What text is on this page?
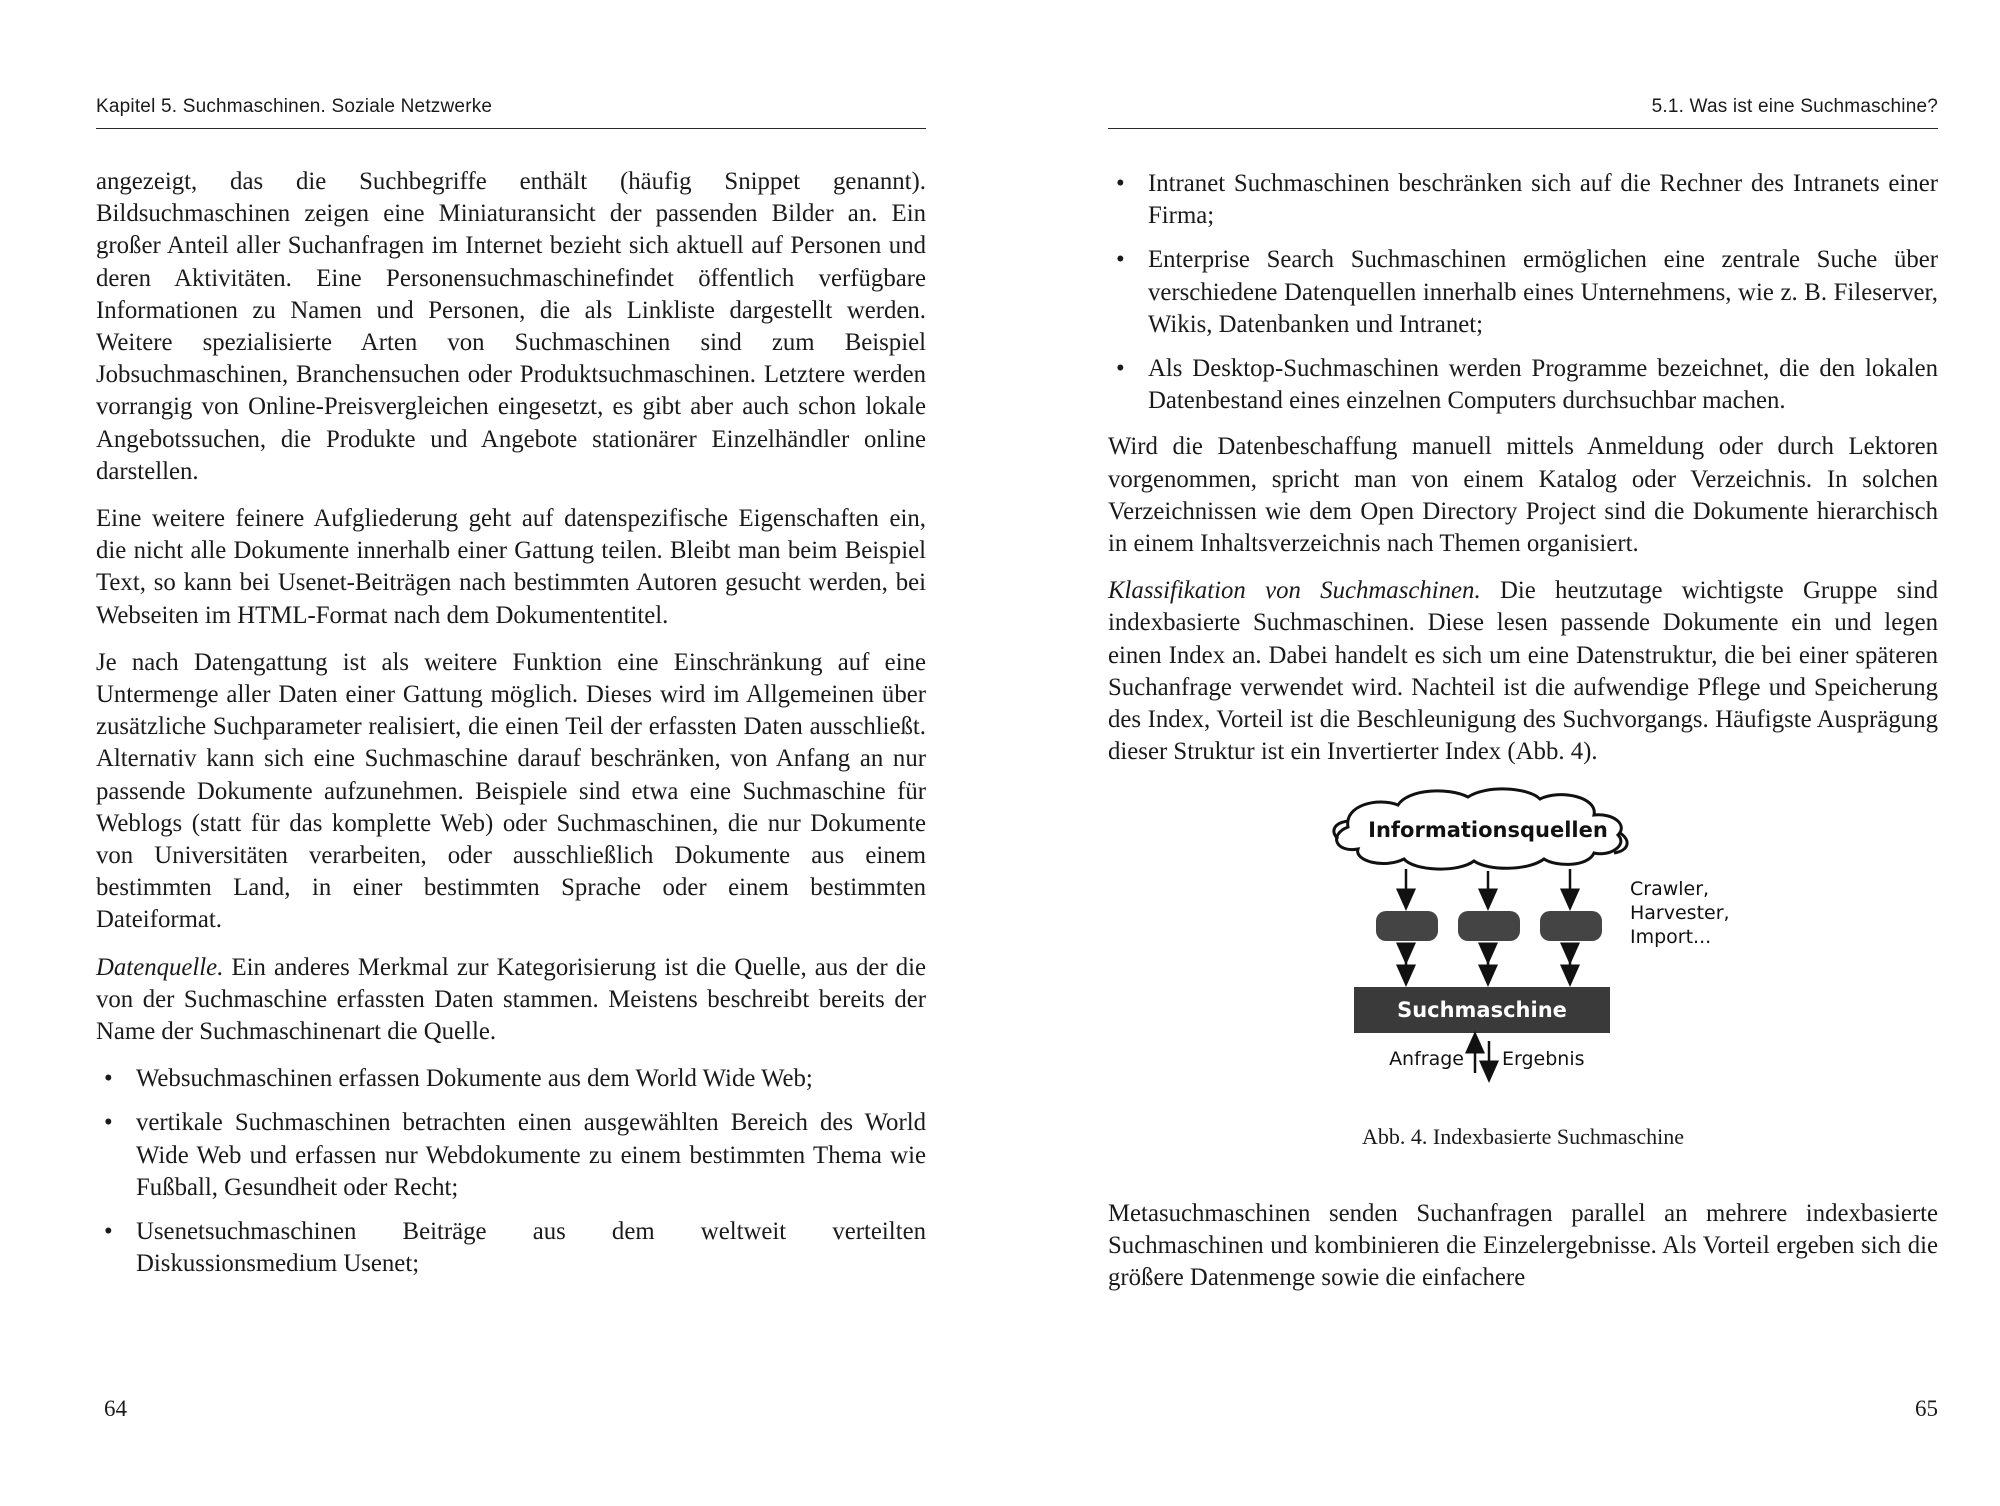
Kapitel 5. Suchmaschinen. Soziale Netzwerke

angezeigt, das die Suchbegriffe enthält (häufig Snippet genannt). Bildsuchmaschinen zeigen eine Miniaturansicht der passenden Bilder an. Ein großer Anteil aller Suchanfragen im Internet bezieht sich aktuell auf Personen und deren Aktivitäten. Eine Personensuchmaschinefindet öffentlich verfügbare Informationen zu Namen und Personen, die als Linkliste dargestellt werden. Weitere spezialisierte Arten von Suchmaschinen sind zum Beispiel Jobsuchmaschinen, Branchensuchen oder Produktsuchmaschinen. Letztere werden vorrangig von Online-Preisvergleichen eingesetzt, es gibt aber auch schon lokale Angebotssuchen, die Produkte und Angebote stationärer Einzelhändler online darstellen.

Eine weitere feinere Aufgliederung geht auf datenspezifische Eigenschaften ein, die nicht alle Dokumente innerhalb einer Gattung teilen. Bleibt man beim Beispiel Text, so kann bei Usenet-Beiträgen nach bestimmten Autoren gesucht werden, bei Webseiten im HTML-Format nach dem Dokumententitel.

Je nach Datengattung ist als weitere Funktion eine Einschränkung auf eine Untermenge aller Daten einer Gattung möglich. Dieses wird im Allgemeinen über zusätzliche Suchparameter realisiert, die einen Teil der erfassten Daten ausschließt. Alternativ kann sich eine Suchmaschine darauf beschränken, von Anfang an nur passende Dokumente aufzunehmen. Beispiele sind etwa eine Suchmaschine für Weblogs (statt für das komplette Web) oder Suchmaschinen, die nur Dokumente von Universitäten verarbeiten, oder ausschließlich Dokumente aus einem bestimmten Land, in einer bestimmten Sprache oder einem bestimmten Dateiformat.

Datenquelle. Ein anderes Merkmal zur Kategorisierung ist die Quelle, aus der die von der Suchmaschine erfassten Daten stammen. Meistens beschreibt bereits der Name der Suchmaschinenart die Quelle.

• Websuchmaschinen erfassen Dokumente aus dem World Wide Web;
• vertikale Suchmaschinen betrachten einen ausgewählten Bereich des World Wide Web und erfassen nur Webdokumente zu einem bestimmten Thema wie Fußball, Gesundheit oder Recht;
• Usenetsuchmaschinen Beiträge aus dem weltweit verteilten Diskussionsmedium Usenet;
64
5.1. Was ist eine Suchmaschine?
• Intranet Suchmaschinen beschränken sich auf die Rechner des Intranets einer Firma;
• Enterprise Search Suchmaschinen ermöglichen eine zentrale Suche über verschiedene Datenquellen innerhalb eines Unternehmens, wie z. B. Fileserver, Wikis, Datenbanken und Intranet;
• Als Desktop-Suchmaschinen werden Programme bezeichnet, die den lokalen Datenbestand eines einzelnen Computers durchsuchbar machen.

Wird die Datenbeschaffung manuell mittels Anmeldung oder durch Lektoren vorgenommen, spricht man von einem Katalog oder Verzeichnis. In solchen Verzeichnissen wie dem Open Directory Project sind die Dokumente hierarchisch in einem Inhaltsverzeichnis nach Themen organisiert.

Klassifikation von Suchmaschinen. Die heutzutage wichtigste Gruppe sind indexbasierte Suchmaschinen. Diese lesen passende Dokumente ein und legen einen Index an. Dabei handelt es sich um eine Datenstruktur, die bei einer späteren Suchanfrage verwendet wird. Nachteil ist die aufwendige Pflege und Speicherung des Index, Vorteil ist die Beschleunigung des Suchvorgangs. Häufigste Ausprägung dieser Struktur ist ein Invertierter Index (Abb. 4).

Informationsquellen
Crawler,
Harvester,
Import...
Suchmaschine
Anfrage Ergebnis
Abb. 4. Indexbasierte Suchmaschine

Metasuchmaschinen senden Suchanfragen parallel an mehrere indexbasierte Suchmaschinen und kombinieren die Einzelergebnisse. Als Vorteil ergeben sich die größere Datenmenge sowie die einfachere

65
